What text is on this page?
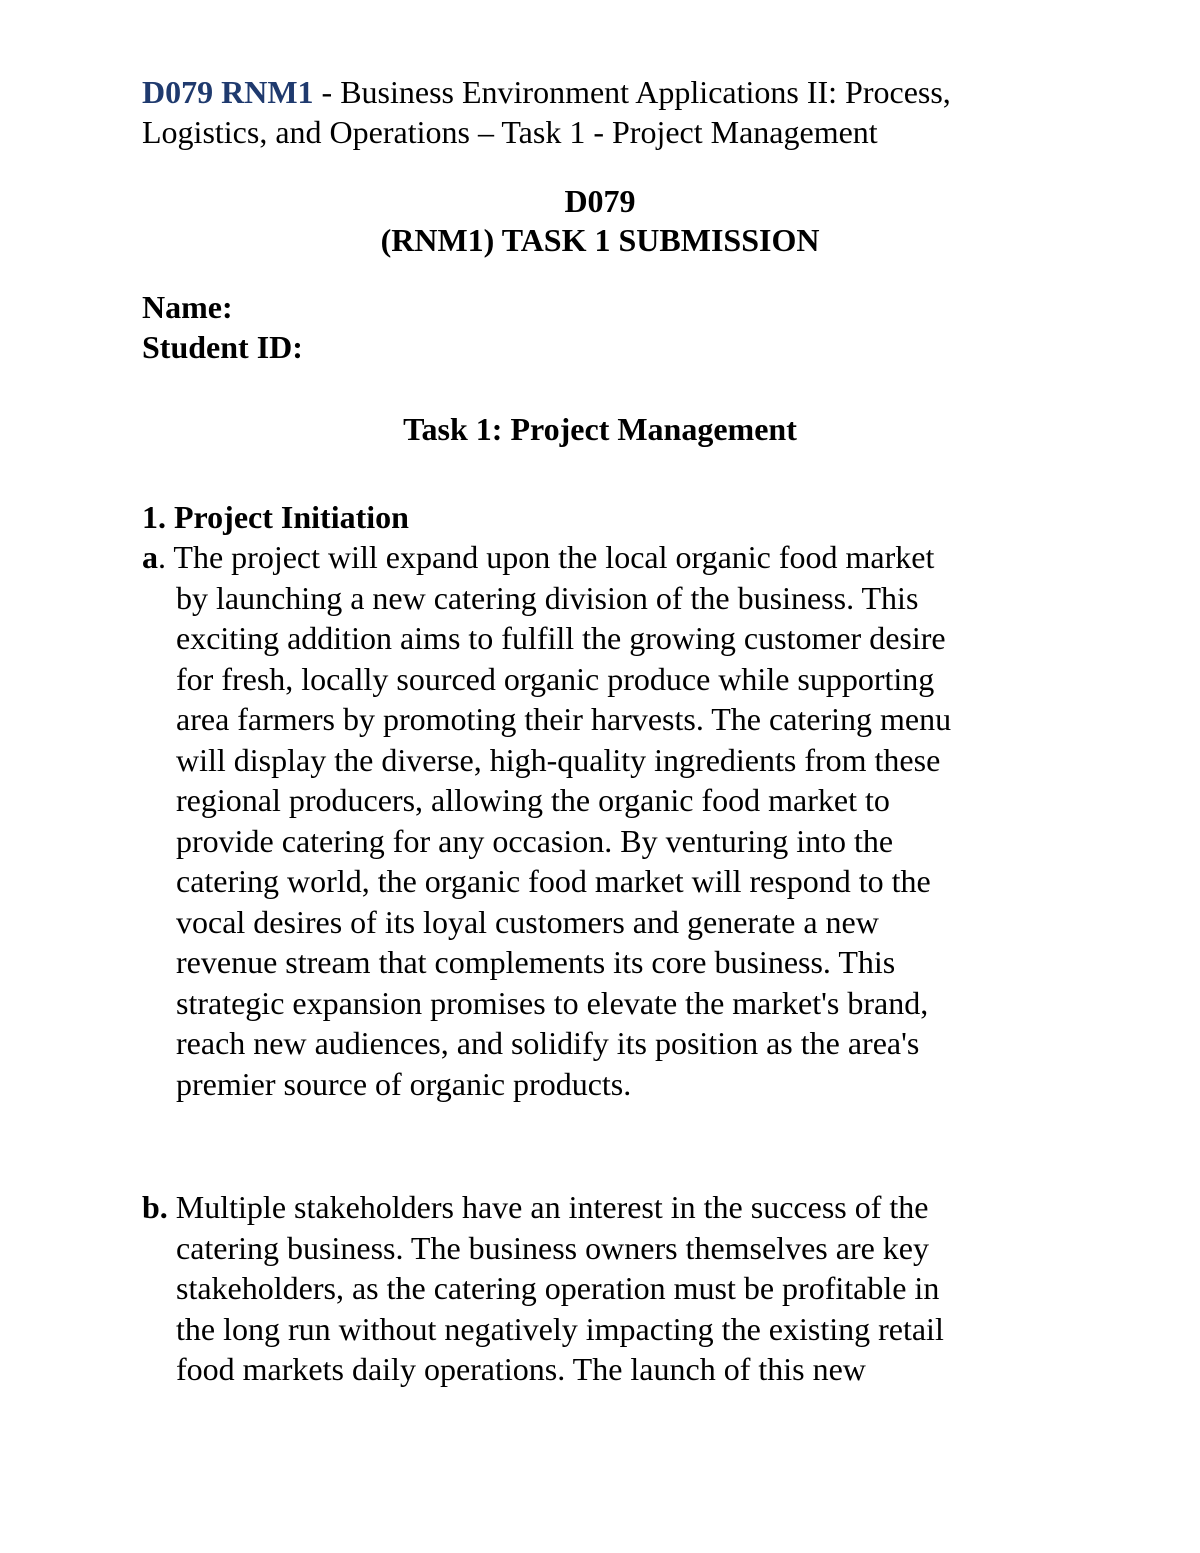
D079 RNM1 - Business Environment Applications II: Process,
Logistics, and Operations – Task 1 - Project Management
D079
(RNM1) TASK 1 SUBMISSION
Name:
Student ID:
Task 1: Project Management
1. Project Initiation
a. The project will expand upon the local organic food market
by launching a new catering division of the business. This
exciting addition aims to fulfill the growing customer desire
for fresh, locally sourced organic produce while supporting
area farmers by promoting their harvests. The catering menu
will display the diverse, high-quality ingredients from these
regional producers, allowing the organic food market to
provide catering for any occasion. By venturing into the
catering world, the organic food market will respond to the
vocal desires of its loyal customers and generate a new
revenue stream that complements its core business. This
strategic expansion promises to elevate the market's brand,
reach new audiences, and solidify its position as the area's
premier source of organic products.
b. Multiple stakeholders have an interest in the success of the
catering business. The business owners themselves are key
stakeholders, as the catering operation must be profitable in
the long run without negatively impacting the existing retail
food markets daily operations. The launch of this new
